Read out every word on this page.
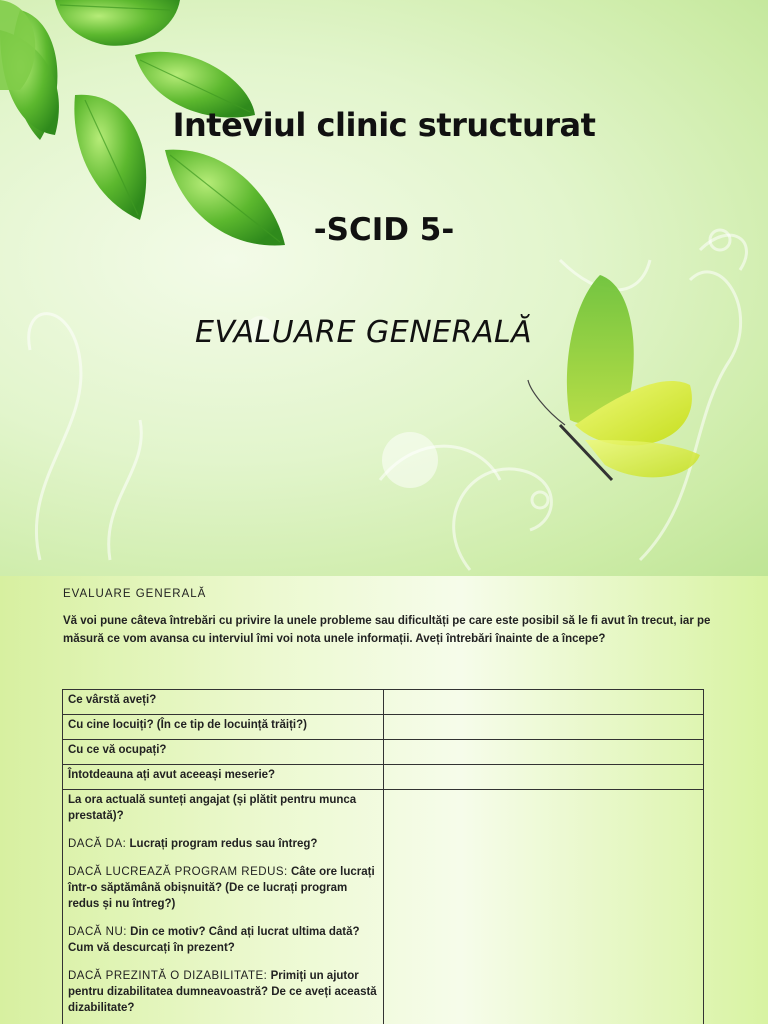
Inteviul clinic structurat
-SCID 5-
EVALUARE GENERALĂ
EVALUARE GENERALĂ
Vă voi pune câteva întrebări cu privire la unele probleme sau dificultăți pe care este posibil să le fi avut în trecut, iar pe măsură ce vom avansa cu interviul îmi voi nota unele informații. Aveți întrebări înainte de a începe?
Ce vârstă aveți?	
Cu cine locuiți? (În ce tip de locuință trăiți?)	
Cu ce vă ocupați?	
Întotdeauna ați avut aceeași meserie?	

La ora actuală sunteți angajat (și plătit pentru munca prestată)?

DACĂ DA: Lucrați program redus sau întreg?

DACĂ LUCREAZĂ PROGRAM REDUS: Câte ore lucrați într-o săptămână obișnuită? (De ce lucrați program redus și nu întreg?)

DACĂ NU: Din ce motiv? Când ați lucrat ultima dată? Cum vă descurcați în prezent?

DACĂ PREZINTĂ O DIZABILITATE: Primiți un ajutor pentru dizabilitatea dumneavoastră? De ce aveți această dizabilitate?	
